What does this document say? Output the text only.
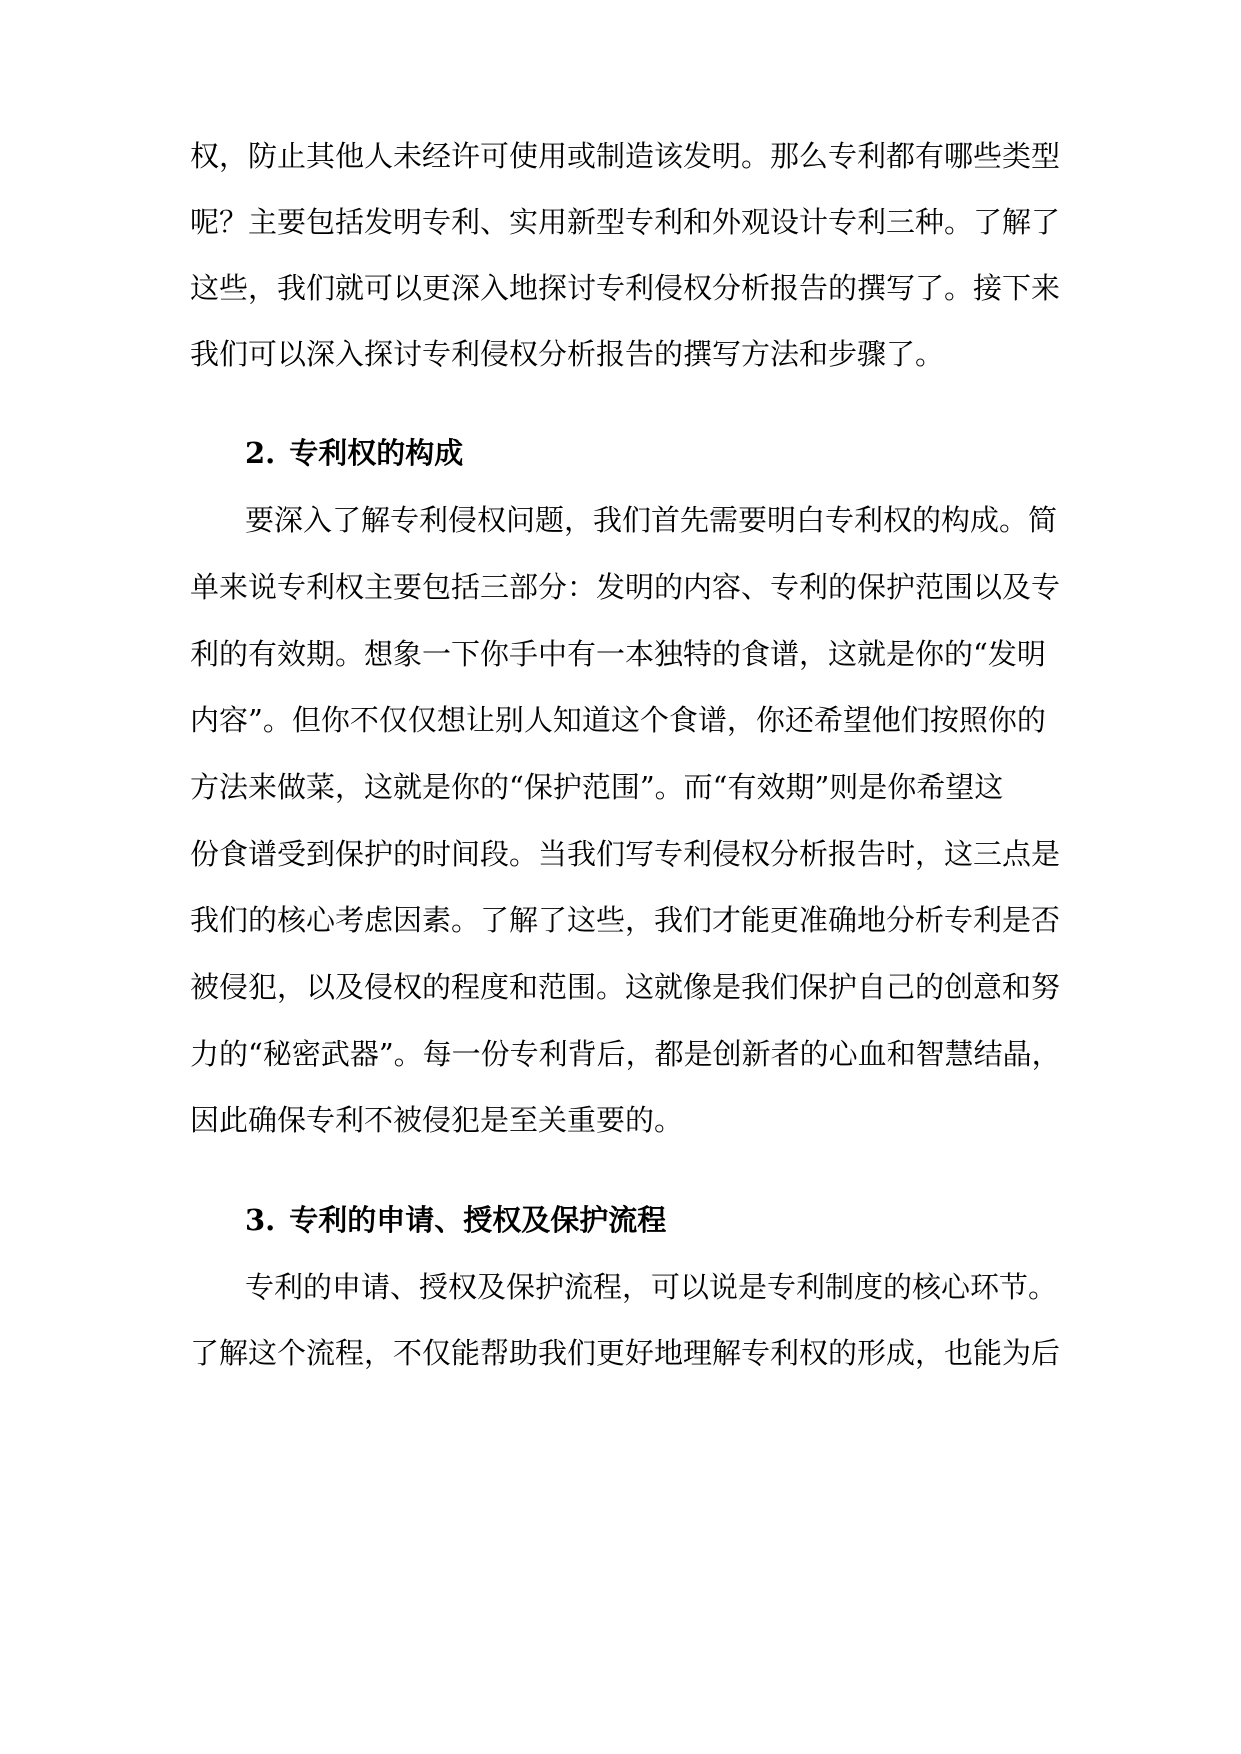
权，防止其他人未经许可使用或制造该发明。那么专利都有哪些类型
呢？主要包括发明专利、实用新型专利和外观设计专利三种。了解了
这些，我们就可以更深入地探讨专利侵权分析报告的撰写了。接下来
我们可以深入探讨专利侵权分析报告的撰写方法和步骤了。
2. 专利权的构成
要深入了解专利侵权问题，我们首先需要明白专利权的构成。简
单来说专利权主要包括三部分：发明的内容、专利的保护范围以及专
利的有效期。想象一下你手中有一本独特的食谱，这就是你的“发明
内容”。但你不仅仅想让别人知道这个食谱，你还希望他们按照你的
方法来做菜，这就是你的“保护范围”。而“有效期”则是你希望这
份食谱受到保护的时间段。当我们写专利侵权分析报告时，这三点是
我们的核心考虑因素。了解了这些，我们才能更准确地分析专利是否
被侵犯，以及侵权的程度和范围。这就像是我们保护自己的创意和努
力的“秘密武器”。每一份专利背后，都是创新者的心血和智慧结晶，
因此确保专利不被侵犯是至关重要的。
3. 专利的申请、授权及保护流程
专利的申请、授权及保护流程，可以说是专利制度的核心环节。
了解这个流程，不仅能帮助我们更好地理解专利权的形成，也能为后
